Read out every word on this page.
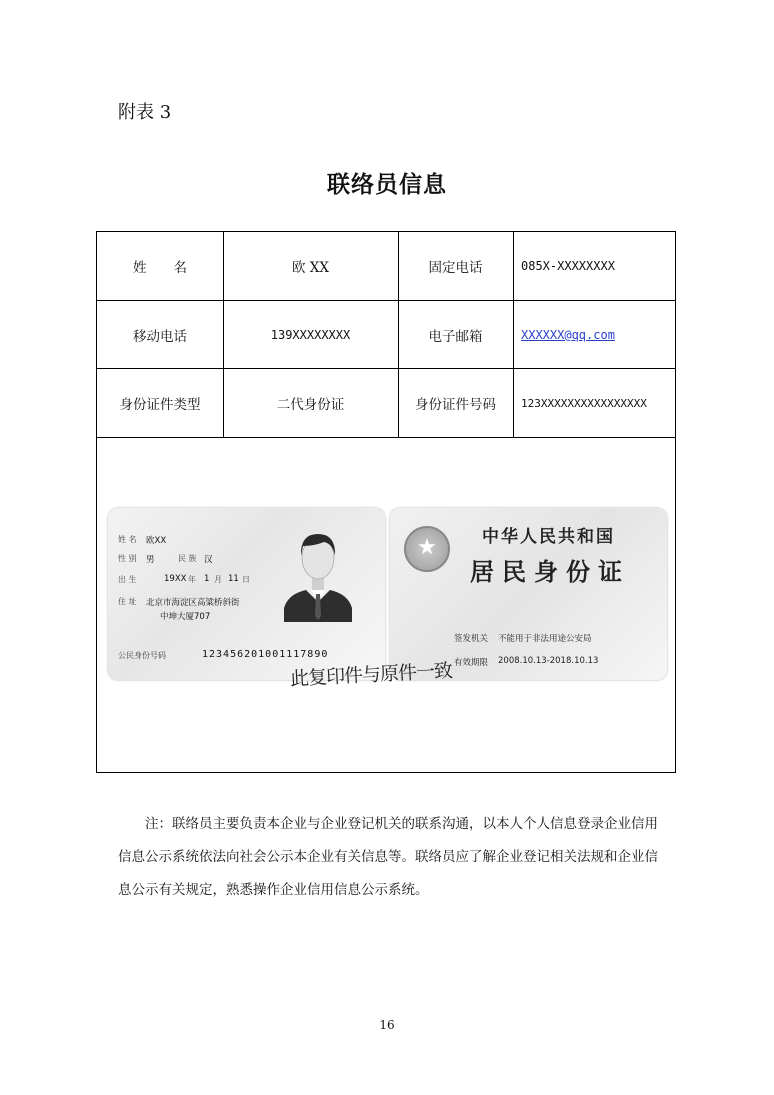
附表 3
联络员信息
姓　　名	欧 XX	固定电话	085X-XXXXXXXX
移动电话	139XXXXXXXX	电子邮箱	XXXXXX@qq.com
身份证件类型	二代身份证	身份证件号码	123XXXXXXXXXXXXXXXX
姓 名 欧XX
性 别 男	民 族 汉
出 生	19XX 年 1 月 11 日
住 址 北京市海淀区高粱桥斜街
中坤大厦707
公民身份号码	123456201001117890
中华人民共和国
居民身份证
签发机关 不能用于非法用途公安局
有效期限 2008.10.13-2018.10.13
此复印件与原件一致
注：联络员主要负责本企业与企业登记机关的联系沟通，以本人个人信息登录企业信用信息公示系统依法向社会公示本企业有关信息等。联络员应了解企业登记相关法规和企业信息公示有关规定，熟悉操作企业信用信息公示系统。
16
